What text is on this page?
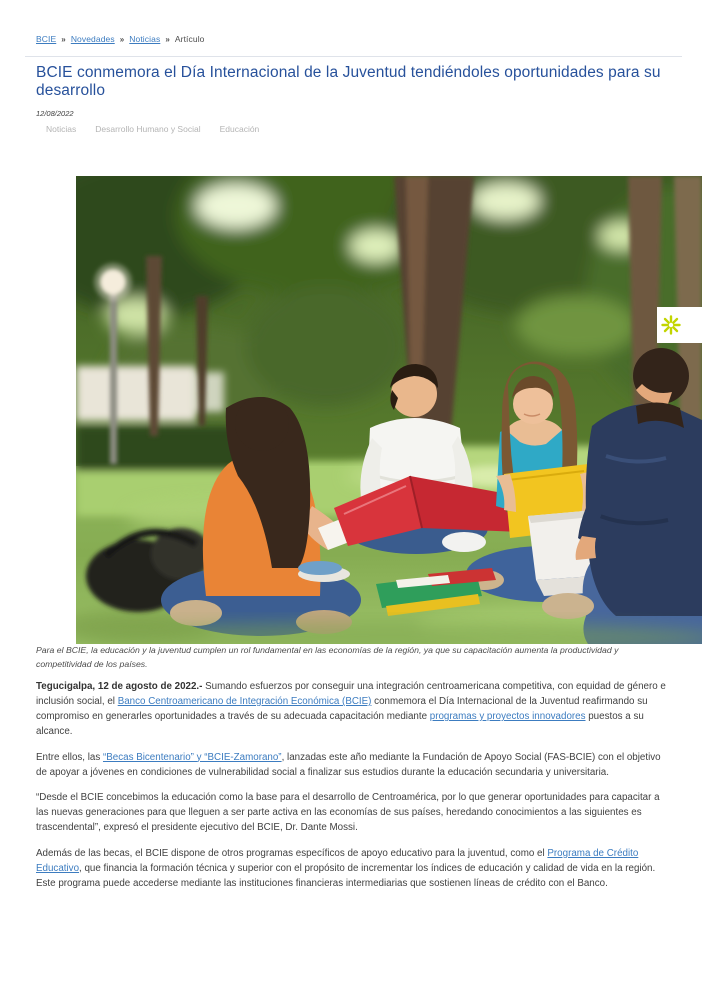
BCIE » Novedades » Noticias » Artículo
BCIE conmemora el Día Internacional de la Juventud tendiéndoles oportunidades para su desarrollo
12/08/2022
Noticias Desarrollo Humano y Social Educación

Para el BCIE, la educación y la juventud cumplen un rol fundamental en las economías de la región, ya que su capacitación aumenta la productividad y competitividad de los países.

Tegucigalpa, 12 de agosto de 2022.- Sumando esfuerzos por conseguir una integración centroamericana competitiva, con equidad de género e inclusión social, el Banco Centroamericano de Integración Económica (BCIE) conmemora el Día Internacional de la Juventud reafirmando su compromiso en generarles oportunidades a través de su adecuada capacitación mediante programas y proyectos innovadores puestos a su alcance.

Entre ellos, las “Becas Bicentenario” y “BCIE-Zamorano”, lanzadas este año mediante la Fundación de Apoyo Social (FAS-BCIE) con el objetivo de apoyar a jóvenes en condiciones de vulnerabilidad social a finalizar sus estudios durante la educación secundaria y universitaria.

“Desde el BCIE concebimos la educación como la base para el desarrollo de Centroamérica, por lo que generar oportunidades para capacitar a las nuevas generaciones para que lleguen a ser parte activa en las economías de sus países, heredando conocimientos a las siguientes es trascendental”, expresó el presidente ejecutivo del BCIE, Dr. Dante Mossi.

Además de las becas, el BCIE dispone de otros programas específicos de apoyo educativo para la juventud, como el Programa de Crédito Educativo, que financia la formación técnica y superior con el propósito de incrementar los índices de educación y calidad de vida en la región. Este programa puede accederse mediante las instituciones financieras intermediarias que sostienen líneas de crédito con el Banco.
